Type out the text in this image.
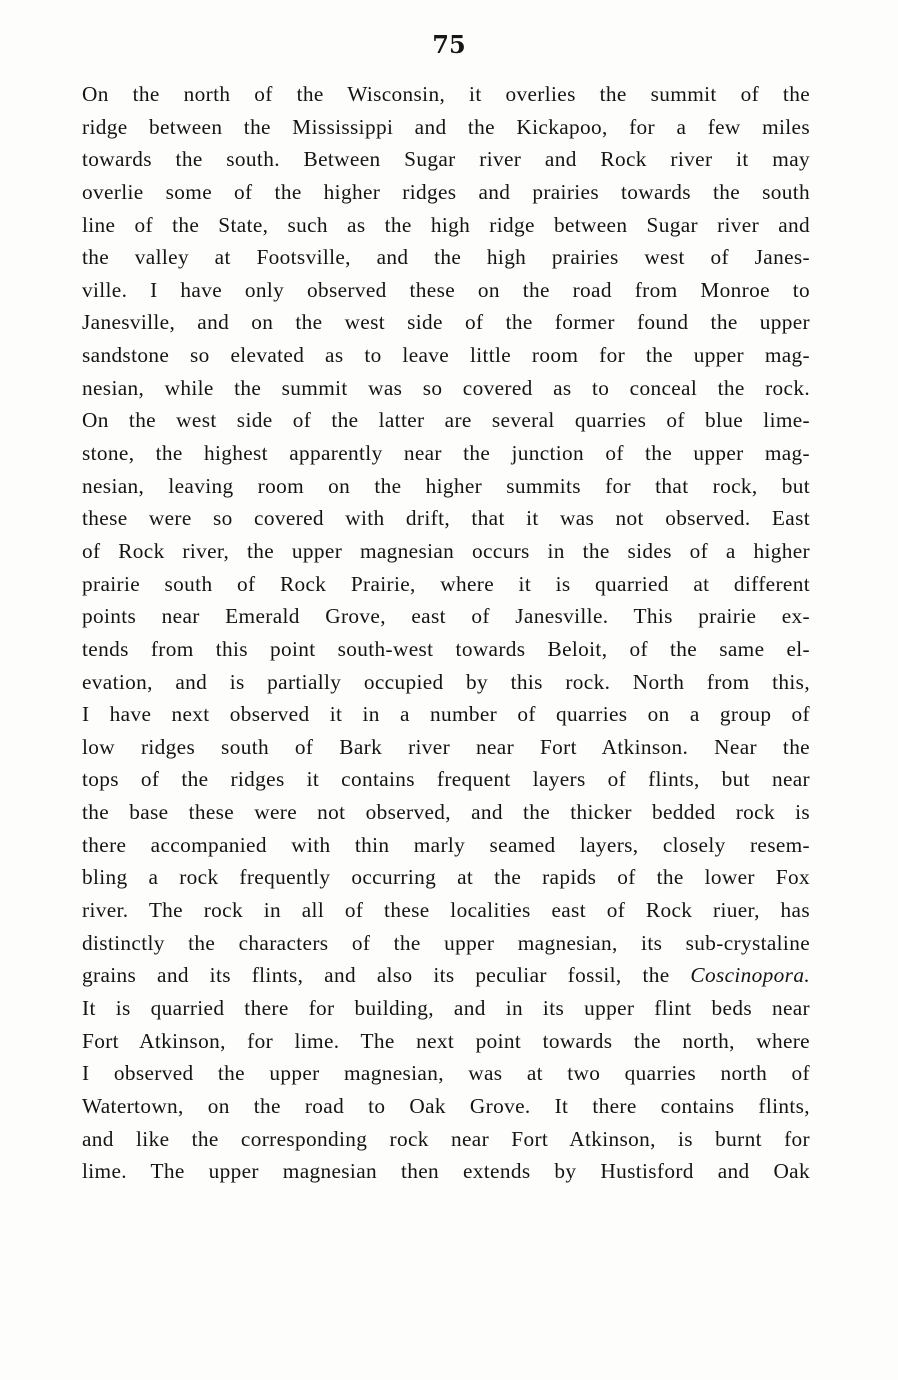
75
On the north of the Wisconsin, it overlies the summit of the
ridge between the Mississippi and the Kickapoo, for a few miles
towards the south. Between Sugar river and Rock river it may
overlie some of the higher ridges and prairies towards the south
line of the State, such as the high ridge between Sugar river and
the valley at Footsville, and the high prairies west of Janes-
ville. I have only observed these on the road from Monroe to
Janesville, and on the west side of the former found the upper
sandstone so elevated as to leave little room for the upper mag-
nesian, while the summit was so covered as to conceal the rock.
On the west side of the latter are several quarries of blue lime-
stone, the highest apparently near the junction of the upper mag-
nesian, leaving room on the higher summits for that rock, but
these were so covered with drift, that it was not observed. East
of Rock river, the upper magnesian occurs in the sides of a higher
prairie south of Rock Prairie, where it is quarried at different
points near Emerald Grove, east of Janesville. This prairie ex-
tends from this point south-west towards Beloit, of the same el-
evation, and is partially occupied by this rock. North from this,
I have next observed it in a number of quarries on a group of
low ridges south of Bark river near Fort Atkinson. Near the
tops of the ridges it contains frequent layers of flints, but near
the base these were not observed, and the thicker bedded rock is
there accompanied with thin marly seamed layers, closely resem-
bling a rock frequently occurring at the rapids of the lower Fox
river. The rock in all of these localities east of Rock riuer, has
distinctly the characters of the upper magnesian, its sub-crystaline
grains and its flints, and also its peculiar fossil, the Coscinopora.
It is quarried there for building, and in its upper flint beds near
Fort Atkinson, for lime. The next point towards the north, where
I observed the upper magnesian, was at two quarries north of
Watertown, on the road to Oak Grove. It there contains flints,
and like the corresponding rock near Fort Atkinson, is burnt for
lime. The upper magnesian then extends by Hustisford and Oak
